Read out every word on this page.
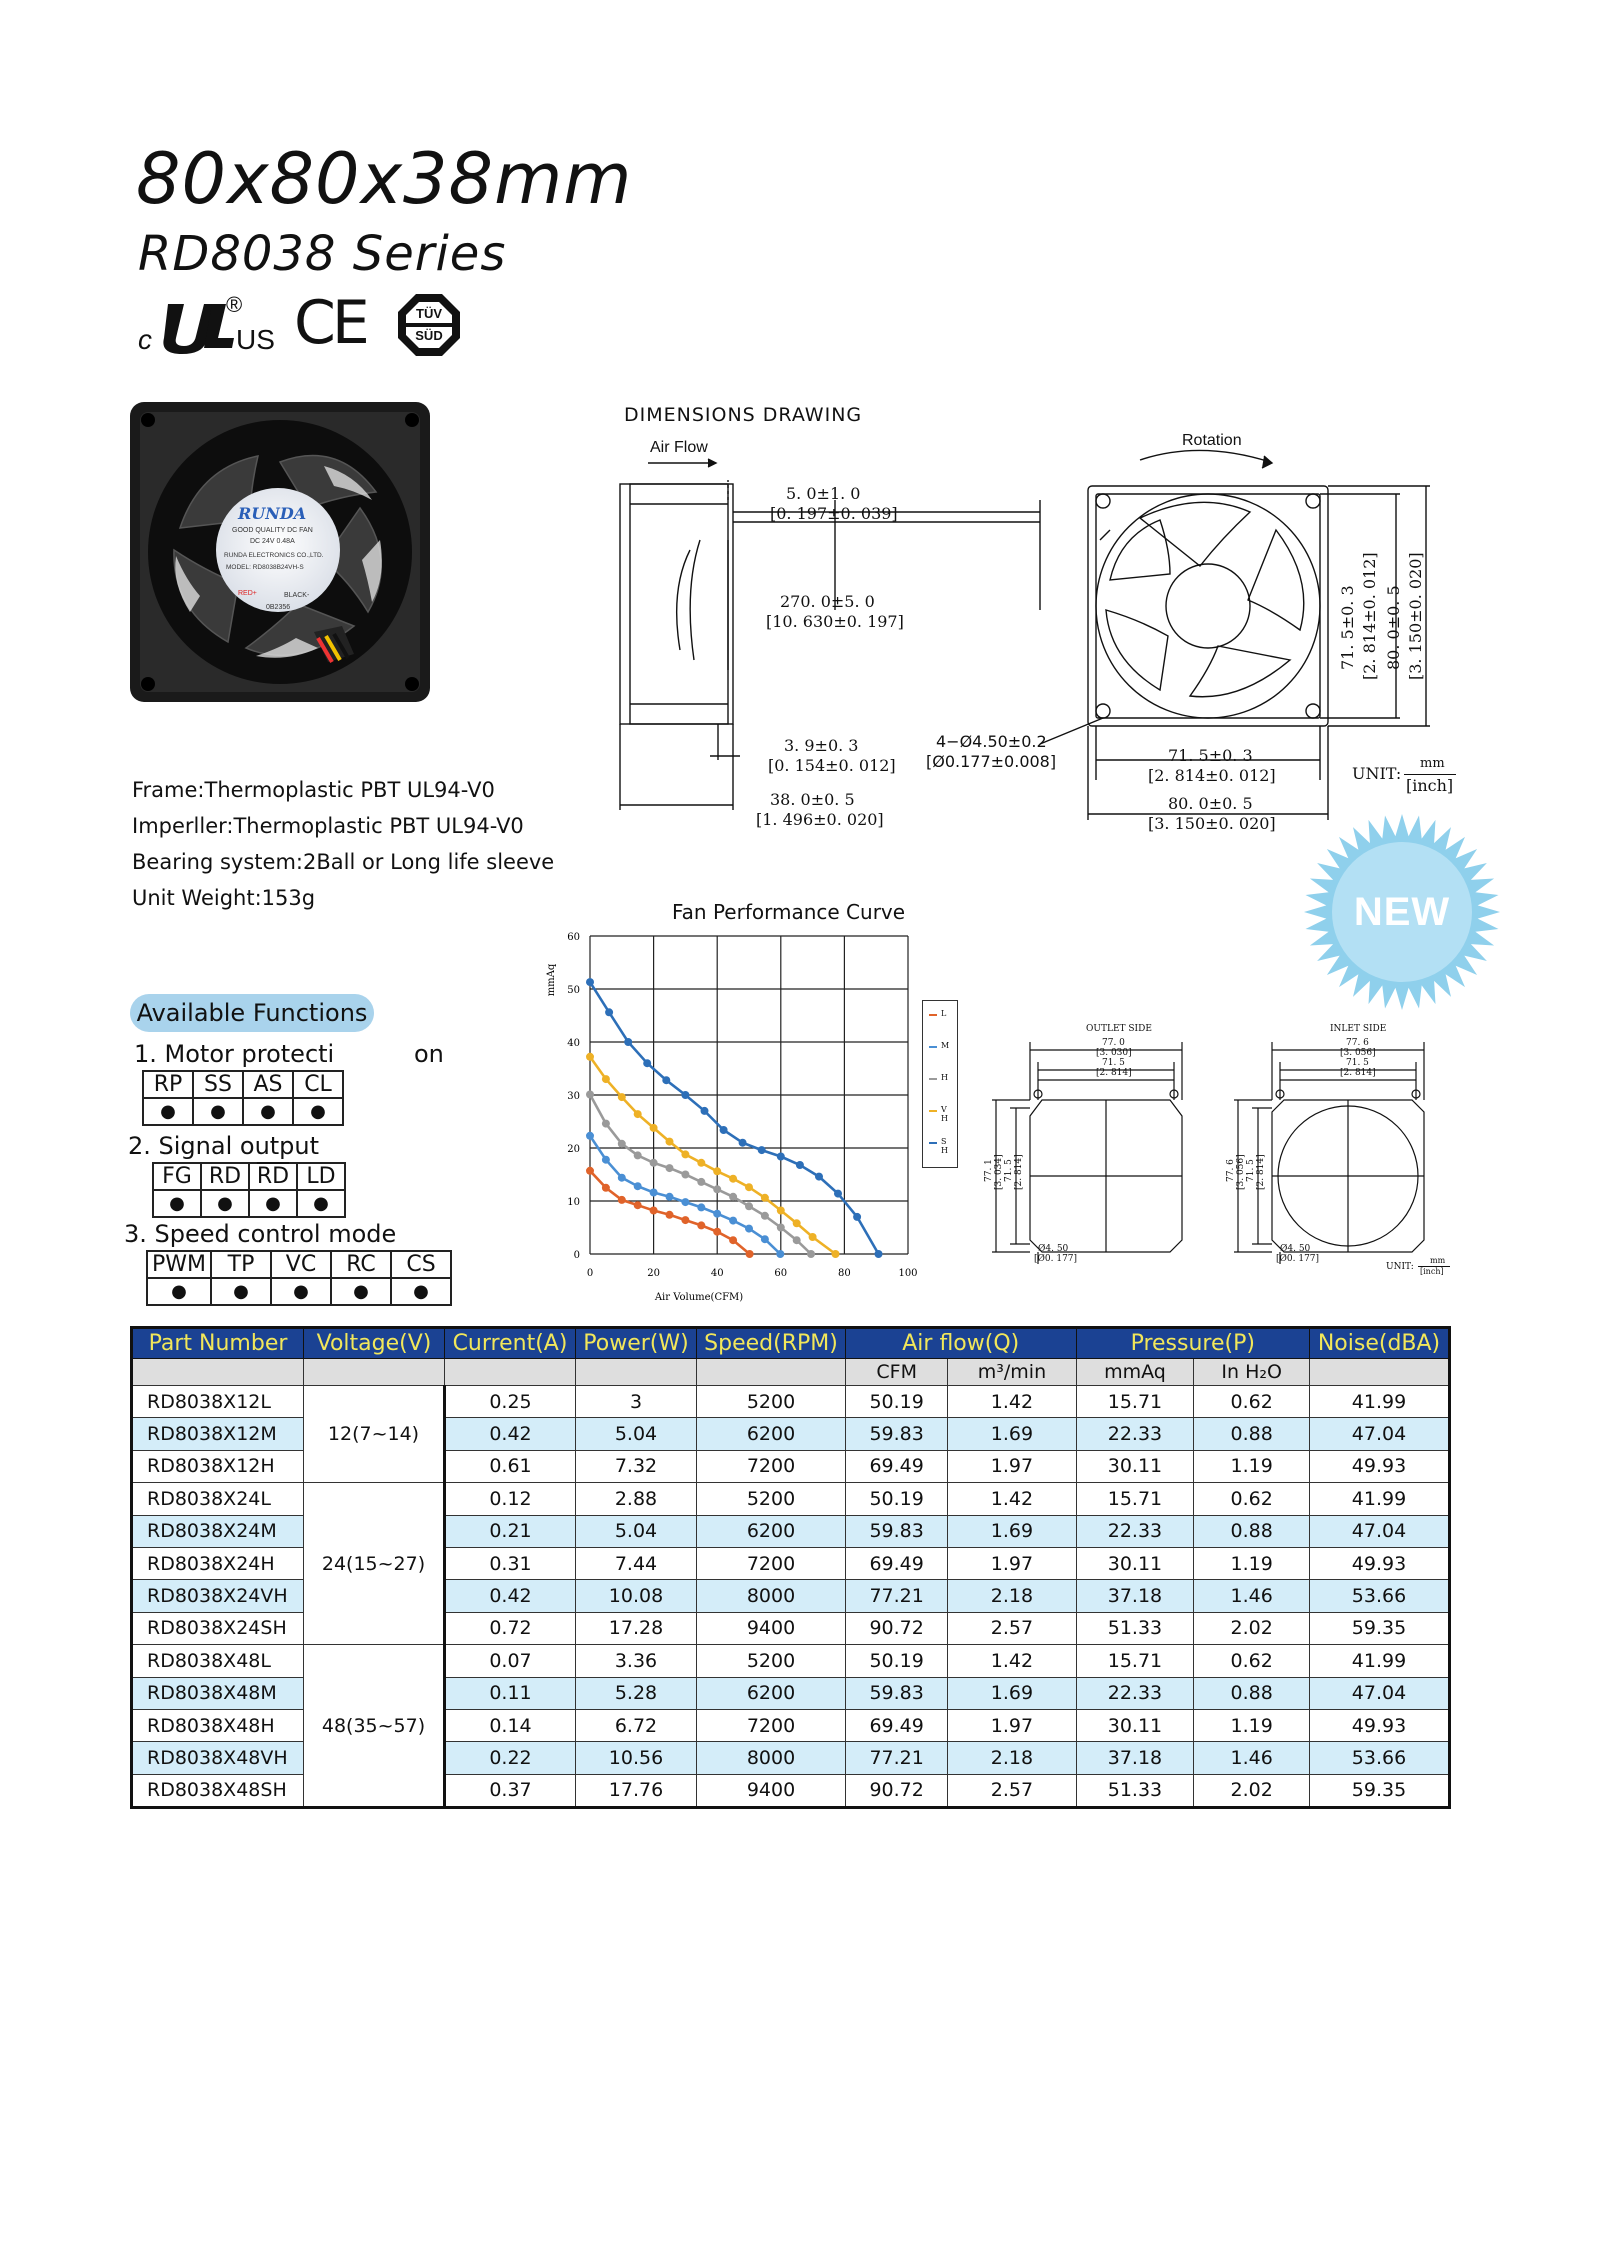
80x80x38mm
RD8038 Series
c
®
US CE	TÜV
SÜD
RUNDA
GOOD QUALITY DC FAN
DC 24V 0.48A
RUNDA ELECTRONICS CO.,LTD.
MODEL: RD8038B24VH-S
RED+	BLACK-
0B2356
Frame:Thermoplastic PBT UL94-V0
Imperller:Thermoplastic PBT UL94-V0
Bearing system:2Ball or Long life sleeve
Unit Weight:153g
DIMENSIONS DRAWING
Air Flow	Rotation
5. 0±1. 0
[0. 197±0. 039]
270. 0±5. 0
[10. 630±0. 197]
3. 9±0. 3
[0. 154±0. 012]
38. 0±0. 5
[1. 496±0. 020]
4−Ø4.50±0.2
[Ø0.177±0.008]	71. 5±0. 3
[2. 814±0. 012]
80. 0±0. 5
[3. 150±0. 020]
71. 5±0. 3 [2. 814±0. 012] 80. 0±0. 5 [3. 150±0. 020]
UNIT:
mm
[inch]
NEW
Available Functions
1. Motor protecti	on
RP	SS	AS	CL
●	●	●	●
2. Signal output
FG	RD	$\overline{RD}$	LD
●	●	●	●
3. Speed control mode
PWM	TP	VC	RC	CS
●	●	●	●	●
Fan Performance Curve
0	20	40	60	80	100
0
10
20
30
40
50
60
Air Volume(CFM)
mmAq
L
M
H
V H
S H
OUTLET SIDE
77. 0
[3. 030]
71. 5
[2. 814]
77. 1 [3. 034] 71. 5 [2. 814]
Ø4. 50
[Ø0. 177]
INLET SIDE
77. 6
[3. 056]
71. 5
[2. 814]
77. 6 [3. 056] 71. 5 [2. 814]
Ø4. 50
[Ø0. 177]
UNIT:
mm
[inch]
Part Number	Voltage(V)	Current(A)	Power(W)	Speed(RPM)	Air flow(Q)		Pressure(P)		Noise(dBA)
					CFM	m³/min	mmAq	In H₂O	
RD8038X12L	12(7~14)	0.25	3	5200	50.19	1.42	15.71	0.62	41.99
RD8038X12M		0.42	5.04	6200	59.83	1.69	22.33	0.88	47.04
RD8038X12H		0.61	7.32	7200	69.49	1.97	30.11	1.19	49.93
RD8038X24L	24(15~27)	0.12	2.88	5200	50.19	1.42	15.71	0.62	41.99
RD8038X24M		0.21	5.04	6200	59.83	1.69	22.33	0.88	47.04
RD8038X24H		0.31	7.44	7200	69.49	1.97	30.11	1.19	49.93
RD8038X24VH		0.42	10.08	8000	77.21	2.18	37.18	1.46	53.66
RD8038X24SH		0.72	17.28	9400	90.72	2.57	51.33	2.02	59.35
RD8038X48L	48(35~57)	0.07	3.36	5200	50.19	1.42	15.71	0.62	41.99
RD8038X48M		0.11	5.28	6200	59.83	1.69	22.33	0.88	47.04
RD8038X48H		0.14	6.72	7200	69.49	1.97	30.11	1.19	49.93
RD8038X48VH		0.22	10.56	8000	77.21	2.18	37.18	1.46	53.66
RD8038X48SH		0.37	17.76	9400	90.72	2.57	51.33	2.02	59.35
